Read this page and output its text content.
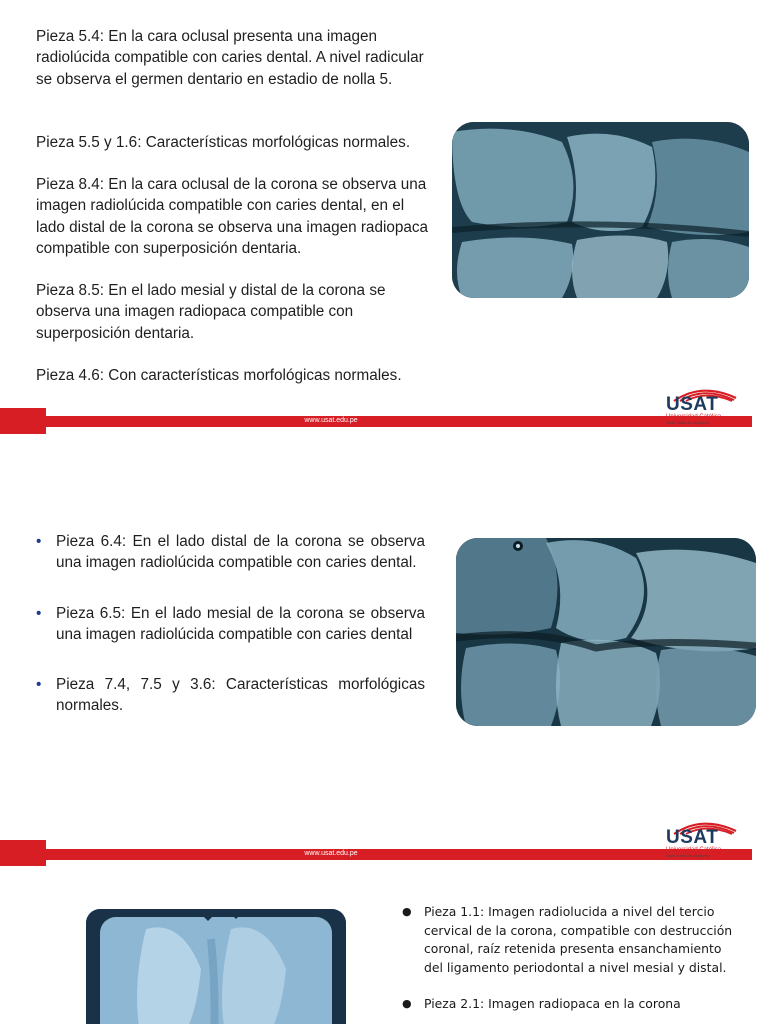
Pieza 5.4: En la cara oclusal presenta una imagen radiolúcida compatible con caries dental. A nivel radicular se observa el germen dentario en estadio de nolla 5.

Pieza 5.5 y 1.6: Características morfológicas normales.

Pieza 8.4: En la cara oclusal de la corona se observa una imagen radiolúcida compatible con caries dental, en el lado distal de la corona se observa una imagen radiopaca compatible con superposición dentaria.

Pieza 8.5: En el lado mesial y distal de la corona se observa una imagen radiopaca compatible con superposición dentaria.

Pieza 4.6: Con características morfológicas normales.

www.usat.edu.pe
USAT
Universidad Católica
Santo Toribio de Mogrovejo
• Pieza 6.4: En el lado distal de la corona se observa una imagen radiolúcida compatible con caries dental.
• Pieza 6.5: En el lado mesial de la corona se observa una imagen radiolúcida compatible con caries dental
• Pieza 7.4, 7.5 y 3.6: Características morfológicas normales.
www.usat.edu.pe
USAT
Universidad Católica
Santo Toribio de Mogrovejo
● Pieza 1.1: Imagen radiolucida a nivel del tercio cervical de la corona, compatible con destrucción coronal, raíz retenida presenta ensanchamiento del ligamento periodontal a nivel mesial y distal.
● Pieza 2.1: Imagen radiopaca en la corona
